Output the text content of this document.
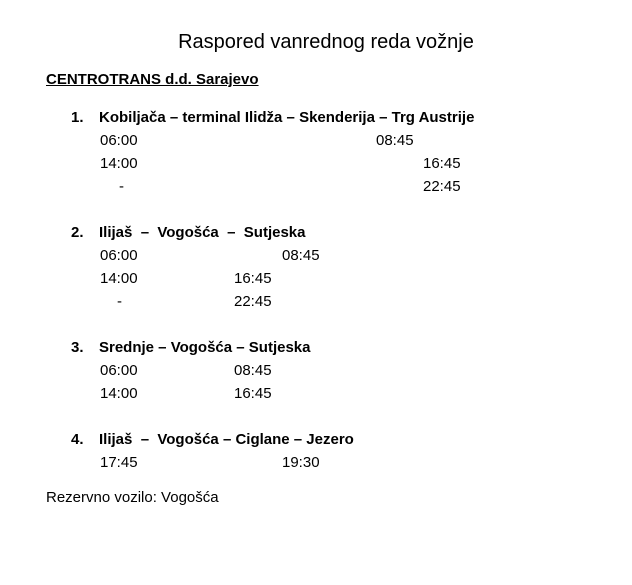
Raspored vanrednog reda vožnje
CENTROTRANS d.d. Sarajevo
1. Kobiljača – terminal Ilidža – Skenderija – Trg Austrije
06:00	08:45
14:00	16:45
-	22:45
2. Ilijaš  –  Vogošća  –  Sutjeska
06:00	08:45
14:00	16:45
-	22:45
3. Srednje – Vogošća – Sutjeska
06:00	08:45
14:00	16:45
4. Ilijaš  –  Vogošća – Ciglane – Jezero
17:45	19:30
Rezervno vozilo: Vogošća
